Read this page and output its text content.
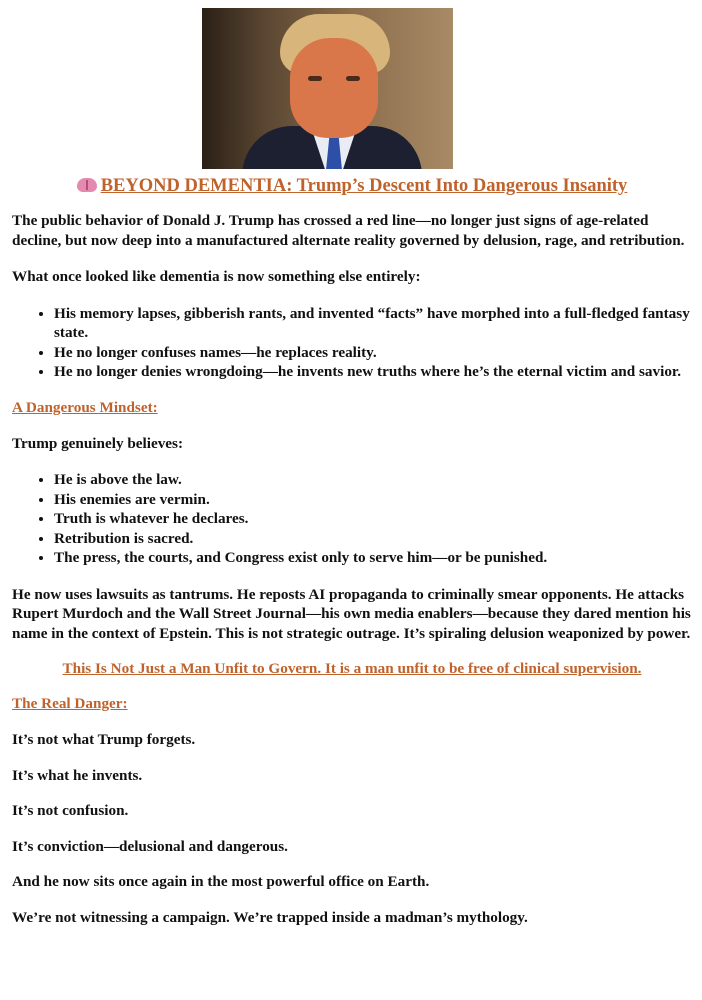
BEYOND DEMENTIA: Trump’s Descent Into Dangerous Insanity

The public behavior of Donald J. Trump has crossed a red line—no longer just signs of age-related decline, but now deep into a manufactured alternate reality governed by delusion, rage, and retribution.

What once looked like dementia is now something else entirely:

• His memory lapses, gibberish rants, and invented “facts” have morphed into a full-fledged fantasy state.
• He no longer confuses names—he replaces reality.
• He no longer denies wrongdoing—he invents new truths where he’s the eternal victim and savior.
A Dangerous Mindset:

Trump genuinely believes:

• He is above the law.
• His enemies are vermin.
• Truth is whatever he declares.
• Retribution is sacred.
• The press, the courts, and Congress exist only to serve him—or be punished.

He now uses lawsuits as tantrums. He reposts AI propaganda to criminally smear opponents. He attacks Rupert Murdoch and the Wall Street Journal—his own media enablers—because they dared mention his name in the context of Epstein. This is not strategic outrage. It’s spiraling delusion weaponized by power.

This Is Not Just a Man Unfit to Govern. It is a man unfit to be free of clinical supervision.
The Real Danger:

It’s not what Trump forgets.

It’s what he invents.

It’s not confusion.

It’s conviction—delusional and dangerous.

And he now sits once again in the most powerful office on Earth.

We’re not witnessing a campaign. We’re trapped inside a madman’s mythology.
